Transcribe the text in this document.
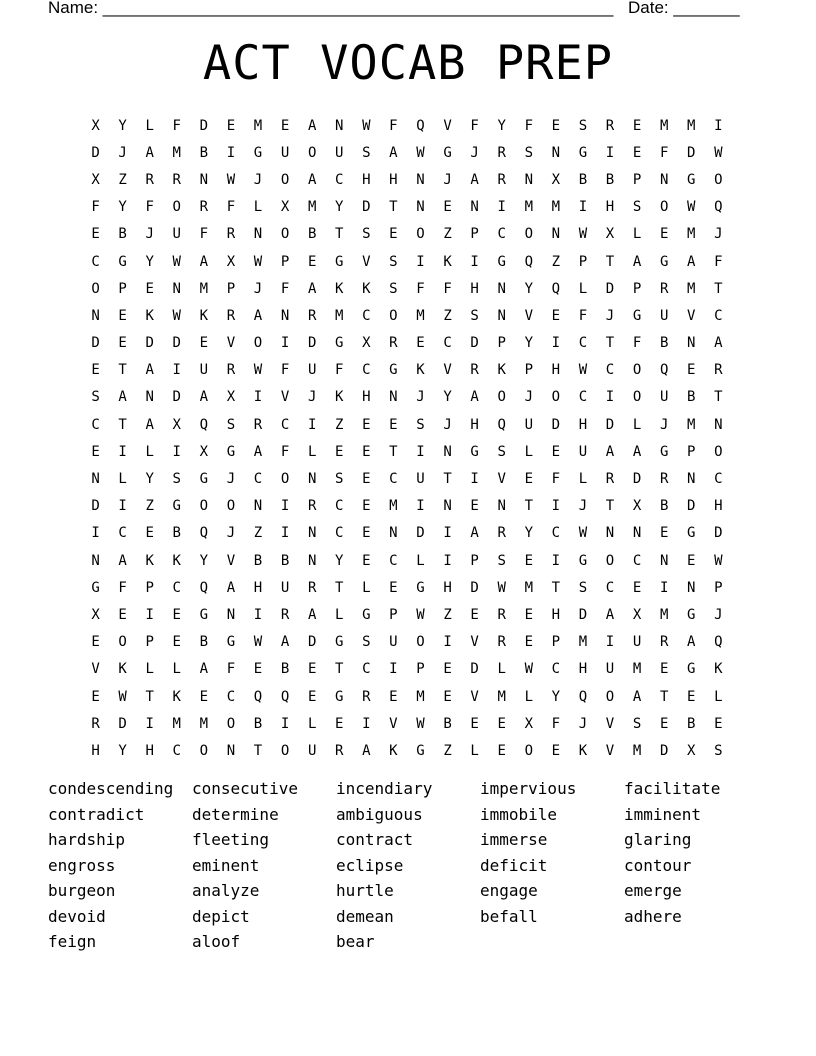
Name: ______________________________________________________ Date: _______
ACT VOCAB PREP
X	Y	L	F	D	E	M	E	A	N	W	F	Q	V	F	Y	F	E	S	R	E	M	M	I
D	J	A	M	B	I	G	U	O	U	S	A	W	G	J	R	S	N	G	I	E	F	D	W
X	Z	R	R	N	W	J	O	A	C	H	H	N	J	A	R	N	X	B	B	P	N	G	O
F	Y	F	O	R	F	L	X	M	Y	D	T	N	E	N	I	M	M	I	H	S	O	W	Q
E	B	J	U	F	R	N	O	B	T	S	E	O	Z	P	C	O	N	W	X	L	E	M	J
C	G	Y	W	A	X	W	P	E	G	V	S	I	K	I	G	Q	Z	P	T	A	G	A	F
O	P	E	N	M	P	J	F	A	K	K	S	F	F	H	N	Y	Q	L	D	P	R	M	T
N	E	K	W	K	R	A	N	R	M	C	O	M	Z	S	N	V	E	F	J	G	U	V	C
D	E	D	D	E	V	O	I	D	G	X	R	E	C	D	P	Y	I	C	T	F	B	N	A
E	T	A	I	U	R	W	F	U	F	C	G	K	V	R	K	P	H	W	C	O	Q	E	R
S	A	N	D	A	X	I	V	J	K	H	N	J	Y	A	O	J	O	C	I	O	U	B	T
C	T	A	X	Q	S	R	C	I	Z	E	E	S	J	H	Q	U	D	H	D	L	J	M	N
E	I	L	I	X	G	A	F	L	E	E	T	I	N	G	S	L	E	U	A	A	G	P	O
N	L	Y	S	G	J	C	O	N	S	E	C	U	T	I	V	E	F	L	R	D	R	N	C
D	I	Z	G	O	O	N	I	R	C	E	M	I	N	E	N	T	I	J	T	X	B	D	H
I	C	E	B	Q	J	Z	I	N	C	E	N	D	I	A	R	Y	C	W	N	N	E	G	D
N	A	K	K	Y	V	B	B	N	Y	E	C	L	I	P	S	E	I	G	O	C	N	E	W
G	F	P	C	Q	A	H	U	R	T	L	E	G	H	D	W	M	T	S	C	E	I	N	P
X	E	I	E	G	N	I	R	A	L	G	P	W	Z	E	R	E	H	D	A	X	M	G	J
E	O	P	E	B	G	W	A	D	G	S	U	O	I	V	R	E	P	M	I	U	R	A	Q
V	K	L	L	A	F	E	B	E	T	C	I	P	E	D	L	W	C	H	U	M	E	G	K
E	W	T	K	E	C	Q	Q	E	G	R	E	M	E	V	M	L	Y	Q	O	A	T	E	L
R	D	I	M	M	O	B	I	L	E	I	V	W	B	E	E	X	F	J	V	S	E	B	E
H	Y	H	C	O	N	T	O	U	R	A	K	G	Z	L	E	O	E	K	V	M	D	X	S
condescending	consecutive	incendiary	impervious	facilitate
contradict	determine	ambiguous	immobile	imminent
hardship	fleeting	contract	immerse	glaring
engross	eminent	eclipse	deficit	contour
burgeon	analyze	hurtle	engage	emerge
devoid	depict	demean	befall	adhere
feign	aloof	bear
